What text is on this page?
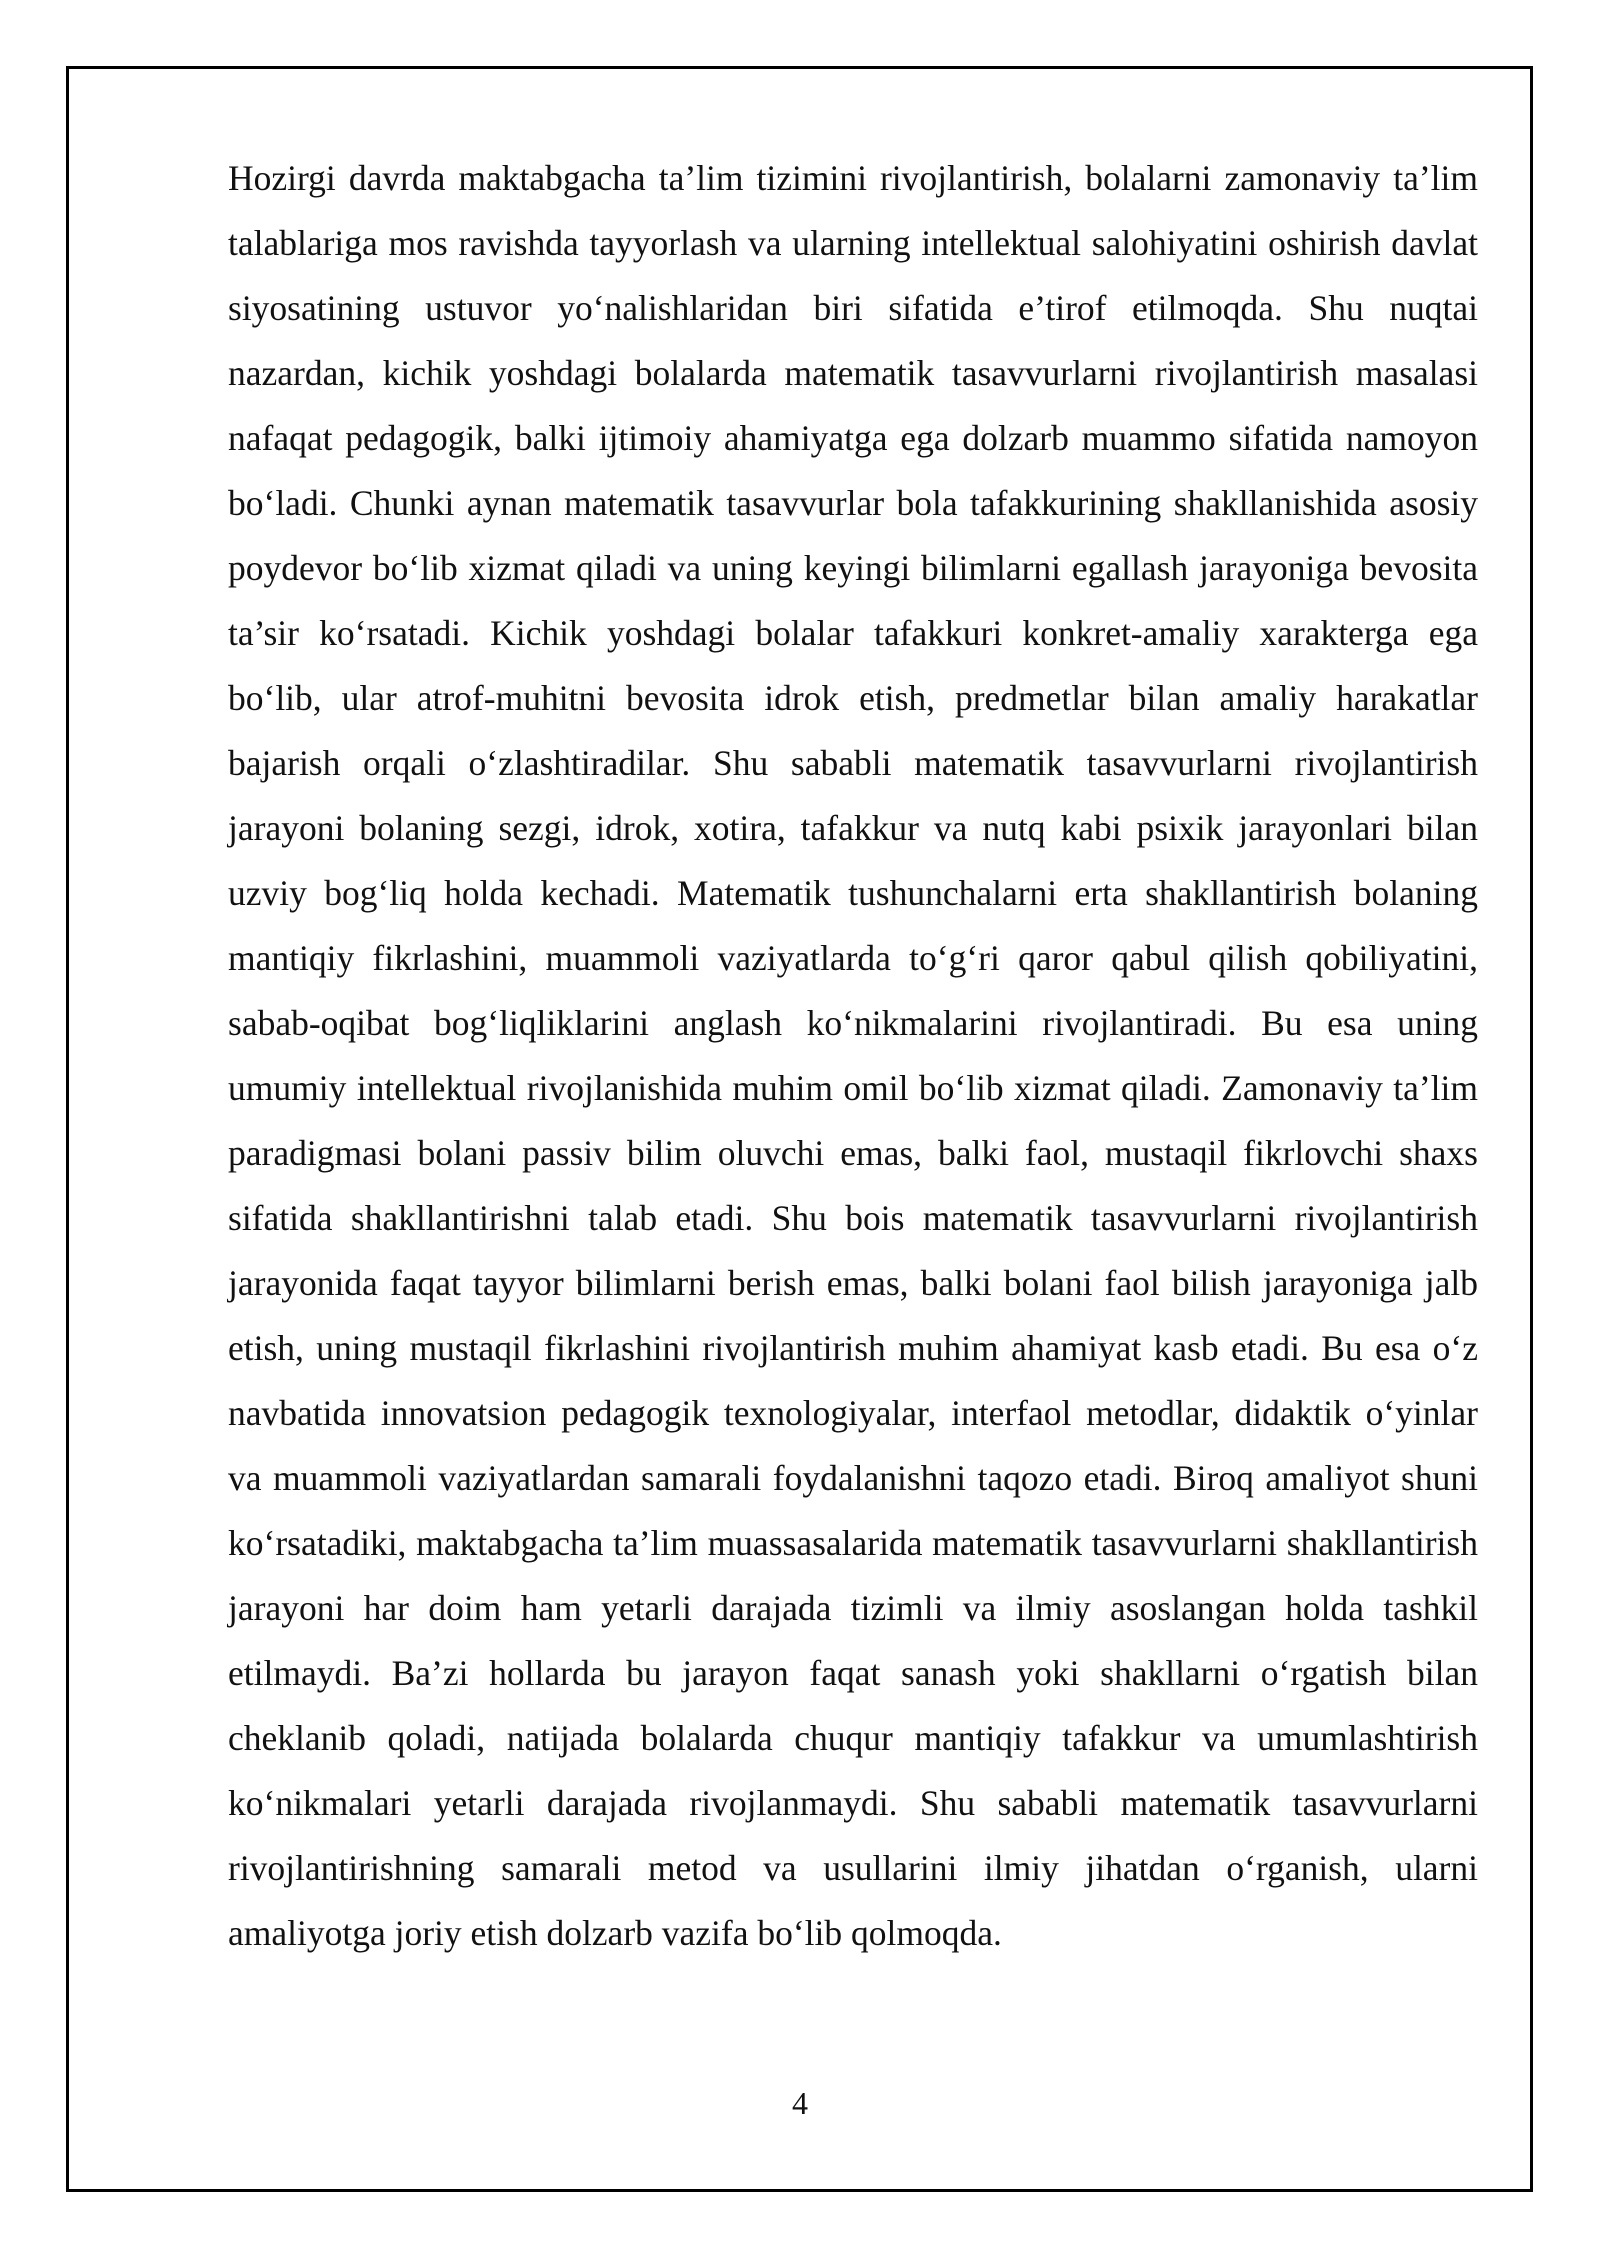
Hozirgi davrda maktabgacha ta’lim tizimini rivojlantirish, bolalarni zamonaviy ta’lim talablariga mos ravishda tayyorlash va ularning intellektual salohiyatini oshirish davlat siyosatining ustuvor yo‘nalishlaridan biri sifatida e’tirof etilmoqda. Shu nuqtai nazardan, kichik yoshdagi bolalarda matematik tasavvurlarni rivojlantirish masalasi nafaqat pedagogik, balki ijtimoiy ahamiyatga ega dolzarb muammo sifatida namoyon bo‘ladi. Chunki aynan matematik tasavvurlar bola tafakkurining shakllanishida asosiy poydevor bo‘lib xizmat qiladi va uning keyingi bilimlarni egallash jarayoniga bevosita ta’sir ko‘rsatadi. Kichik yoshdagi bolalar tafakkuri konkret-amaliy xarakterga ega bo‘lib, ular atrof-muhitni bevosita idrok etish, predmetlar bilan amaliy harakatlar bajarish orqali o‘zlashtiradilar. Shu sababli matematik tasavvurlarni rivojlantirish jarayoni bolaning sezgi, idrok, xotira, tafakkur va nutq kabi psixik jarayonlari bilan uzviy bog‘liq holda kechadi. Matematik tushunchalarni erta shakllantirish bolaning mantiqiy fikrlashini, muammoli vaziyatlarda to‘g‘ri qaror qabul qilish qobiliyatini, sabab-oqibat bog‘liqliklarini anglash ko‘nikmalarini rivojlantiradi. Bu esa uning umumiy intellektual rivojlanishida muhim omil bo‘lib xizmat qiladi. Zamonaviy ta’lim paradigmasi bolani passiv bilim oluvchi emas, balki faol, mustaqil fikrlovchi shaxs sifatida shakllantirishni talab etadi. Shu bois matematik tasavvurlarni rivojlantirish jarayonida faqat tayyor bilimlarni berish emas, balki bolani faol bilish jarayoniga jalb etish, uning mustaqil fikrlashini rivojlantirish muhim ahamiyat kasb etadi. Bu esa o‘z navbatida innovatsion pedagogik texnologiyalar, interfaol metodlar, didaktik o‘yinlar va muammoli vaziyatlardan samarali foydalanishni taqozo etadi. Biroq amaliyot shuni ko‘rsatadiki, maktabgacha ta’lim muassasalarida matematik tasavvurlarni shakllantirish jarayoni har doim ham yetarli darajada tizimli va ilmiy asoslangan holda tashkil etilmaydi. Ba’zi hollarda bu jarayon faqat sanash yoki shakllarni o‘rgatish bilan cheklanib qoladi, natijada bolalarda chuqur mantiqiy tafakkur va umumlashtirish ko‘nikmalari yetarli darajada rivojlanmaydi. Shu sababli matematik tasavvurlarni rivojlantirishning samarali metod va usullarini ilmiy jihatdan o‘rganish, ularni amaliyotga joriy etish dolzarb vazifa bo‘lib qolmoqda.

4
